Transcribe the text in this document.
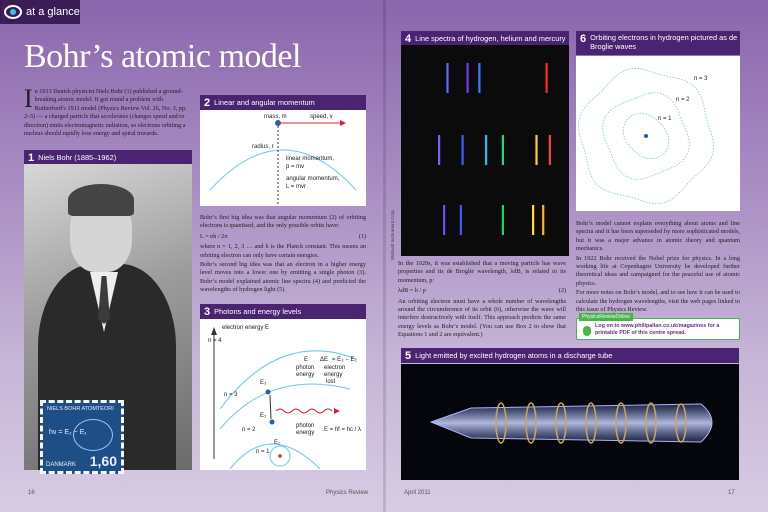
at a glance
Bohr’s atomic model
I n 1913 Danish physicist Niels Bohr (1) published a ground-breaking atomic model. It got round a problem with Rutherford’s 1911 model (Physics Review Vol. 26, No. 3, pp. 2–5) — a charged particle that accelerates (changes speed and/or direction) emits electromagnetic radiation, so electrons orbiting a nucleus should rapidly lose energy and spiral inwards.
1 Niels Bohr (1885–1962)
NIELS BOHR ATOMTEORI
hν = E₂ − E₁
DANMARK 1,60
2 Linear and angular momentum
mass, m	speed, v
radius, r
linear momentum,
p = mv
angular momentum,
L = mvr

Bohr’s first big idea was that angular momentum (2) of orbiting electrons is quantised, and the only possible orbits have:

L = nh / 2π	(1)

where n = 1, 2, 3 … and h is the Planck constant. This means an orbiting electron can only have certain energies.

Bohr’s second big idea was that an electron in a higher energy level moves into a lower one by emitting a single photon (3). Bohr’s model explained atomic line spectra (4) and predicted the wavelengths of hydrogen light (5).

3 Photons and energy levels
electron energy E
n = 4
n = 3
n = 2
n = 1
E₃
E₂
E₁
E ΔE = E₃ − E₂
photon
energy
electron
energy
lost
photon
energy E = hf = hc / λ
4 Line spectra of hydrogen, helium and mercury
Wabash Instrument Corp.

In the 1920s, it was established that a moving particle has wave properties and its de Broglie wavelength, λdB, is related to its momentum, p:

λdB = h / p	(2)

An orbiting electron must have a whole number of wavelengths around the circumference of its orbit (6), otherwise the wave will interfere destructively with itself. This approach predicts the same energy levels as Bohr’s model. (You can use Box 2 to show that Equations 1 and 2 are equivalent.)

6 Orbiting electrons in hydrogen pictured as de Broglie waves
n = 1
n = 2
n = 3

Bohr’s model cannot explain everything about atoms and line spectra and it has been superseded by more sophisticated models, but it was a major advance in atomic theory and quantum mechanics.

In 1922 Bohr received the Nobel prize for physics. In a long working life at Copenhagen University he developed further theoretical ideas and campaigned for the peaceful use of atomic physics.

For more notes on Bohr’s model, and to see how it can be used to calculate the hydrogen wavelengths, visit the web pages linked to this issue of Physics Review.

PhysicsReviewOnline
Log on to www.philipallan.co.uk/magazines for a printable PDF of this centre spread.
5 Light emitted by excited hydrogen atoms in a discharge tube
16	Physics Review	April 2011	17
